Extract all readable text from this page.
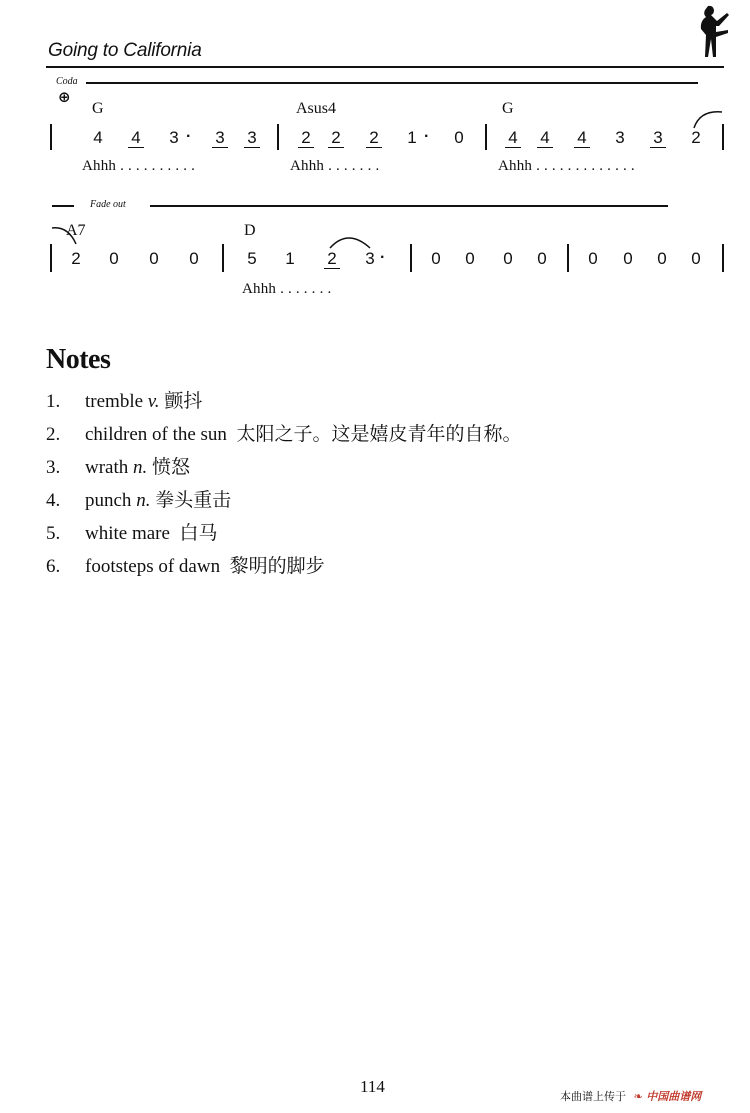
Going to California
Coda
⊕
G	Asus4	G
4 4 3 · 3 3	2 2 2 1 · 0	4 4 4 3 3 2
Ahhh . . . . . . . . . .	Ahhh . . . . . . .	Ahhh . . . . . . . . . . . . .
Fade out
A7	D
2 0 0 0	5 1 2 3 ·	0 0 0 0 0 0 0 0
Ahhh . . . . . . .
Notes
1. tremble v. 颤抖
2. children of the sun  太阳之子。这是嬉皮青年的自称。
3. wrath n. 愤怒
4. punch n. 拳头重击
5. white mare  白马
6. footsteps of dawn  黎明的脚步
114
本曲谱上传于 ❧ 中国曲谱网
